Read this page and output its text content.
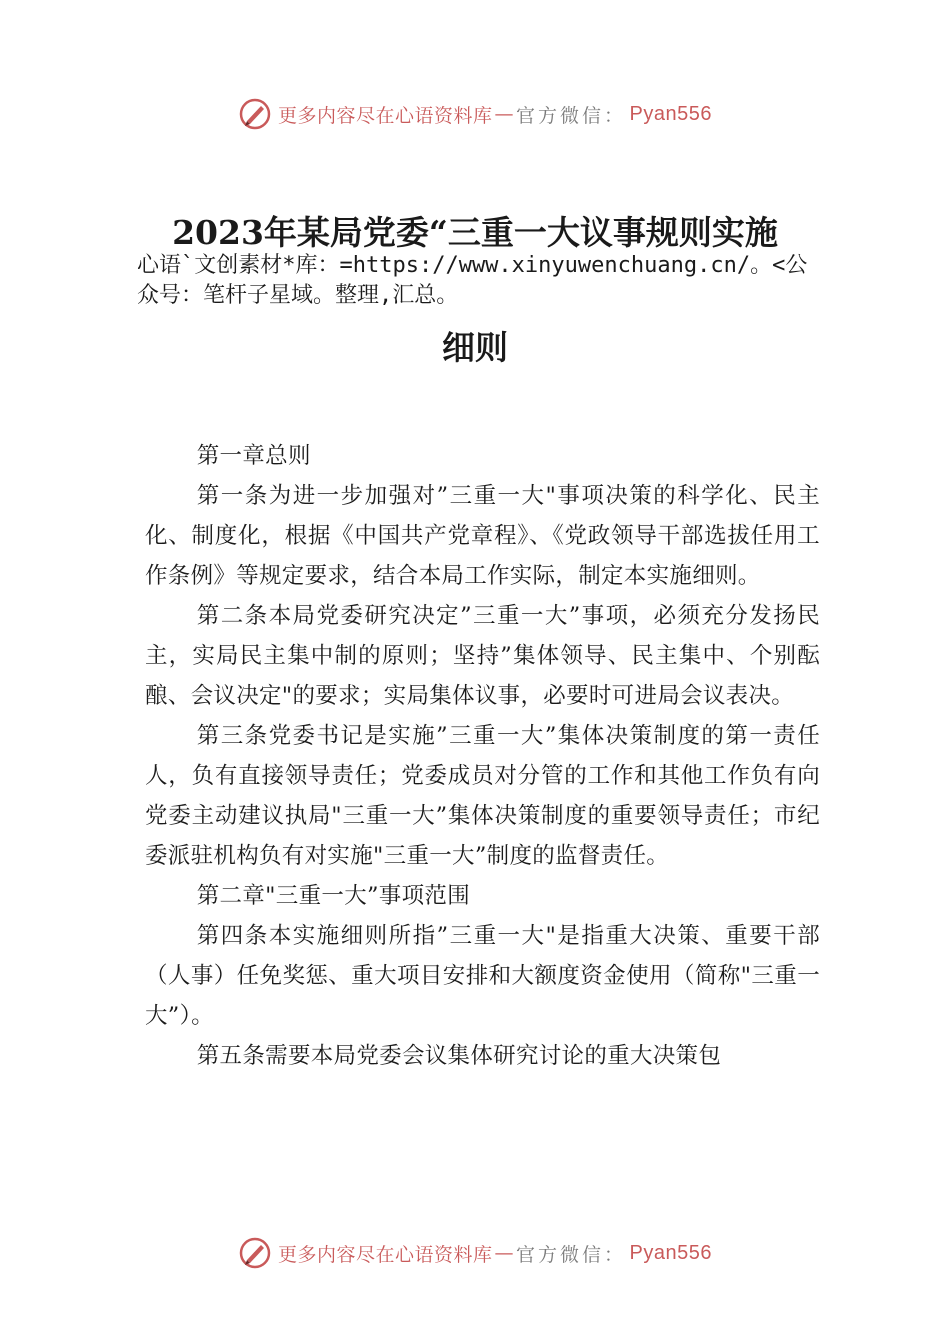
更多内容尽在心语资料库 — 官方微信 ： Pyan556
2023年某局党委“三重一大议事规则实施
心语`文创素材*库：=https://www.xinyuwenchuang.cn/。<公众号：笔杆子星域。整理,汇总。
细则

第一章总则

第一条为进一步加强对”三重一大"事项决策的科学化、民主化、制度化，根据《中国共产党章程》、《党政领导干部选拔任用工作条例》等规定要求，结合本局工作实际，制定本实施细则。

第二条本局党委研究决定”三重一大”事项，必须充分发扬民主，实局民主集中制的原则；坚持”集体领导、民主集中、个别酝酿、会议决定"的要求；实局集体议事，必要时可进局会议表决。

第三条党委书记是实施”三重一大”集体决策制度的第一责任人，负有直接领导责任；党委成员对分管的工作和其他工作负有向党委主动建议执局"三重一大”集体决策制度的重要领导责任；市纪委派驻机构负有对实施"三重一大”制度的监督责任。

第二章"三重一大”事项范围

第四条本实施细则所指”三重一大"是指重大决策、重要干部（人事）任免奖惩、重大项目安排和大额度资金使用（简称"三重一大”）。

第五条需要本局党委会议集体研究讨论的重大决策包

更多内容尽在心语资料库 — 官方微信 ： Pyan556
